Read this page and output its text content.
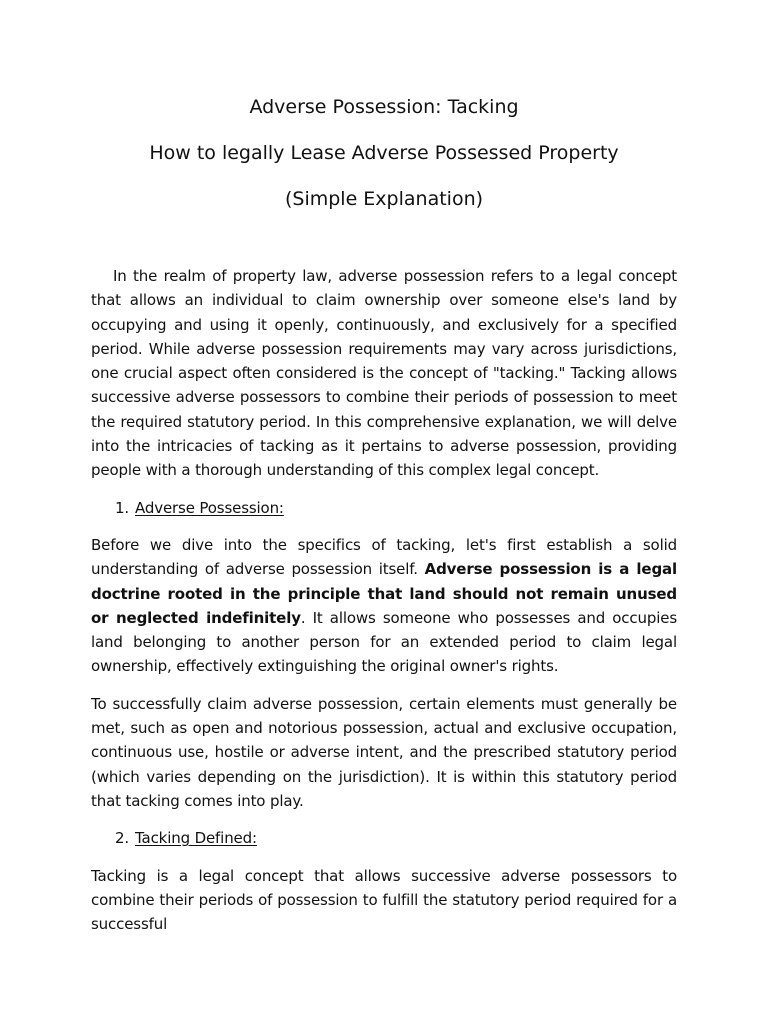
Adverse Possession: Tacking
How to legally Lease Adverse Possessed Property
(Simple Explanation)

In the realm of property law, adverse possession refers to a legal concept that allows an individual to claim ownership over someone else's land by occupying and using it openly, continuously, and exclusively for a specified period. While adverse possession requirements may vary across jurisdictions, one crucial aspect often considered is the concept of "tacking." Tacking allows successive adverse possessors to combine their periods of possession to meet the required statutory period. In this comprehensive explanation, we will delve into the intricacies of tacking as it pertains to adverse possession, providing people with a thorough understanding of this complex legal concept.

1. Adverse Possession:

Before we dive into the specifics of tacking, let's first establish a solid understanding of adverse possession itself. Adverse possession is a legal doctrine rooted in the principle that land should not remain unused or neglected indefinitely. It allows someone who possesses and occupies land belonging to another person for an extended period to claim legal ownership, effectively extinguishing the original owner's rights.

To successfully claim adverse possession, certain elements must generally be met, such as open and notorious possession, actual and exclusive occupation, continuous use, hostile or adverse intent, and the prescribed statutory period (which varies depending on the jurisdiction). It is within this statutory period that tacking comes into play.

2. Tacking Defined:

Tacking is a legal concept that allows successive adverse possessors to combine their periods of possession to fulfill the statutory period required for a successful
